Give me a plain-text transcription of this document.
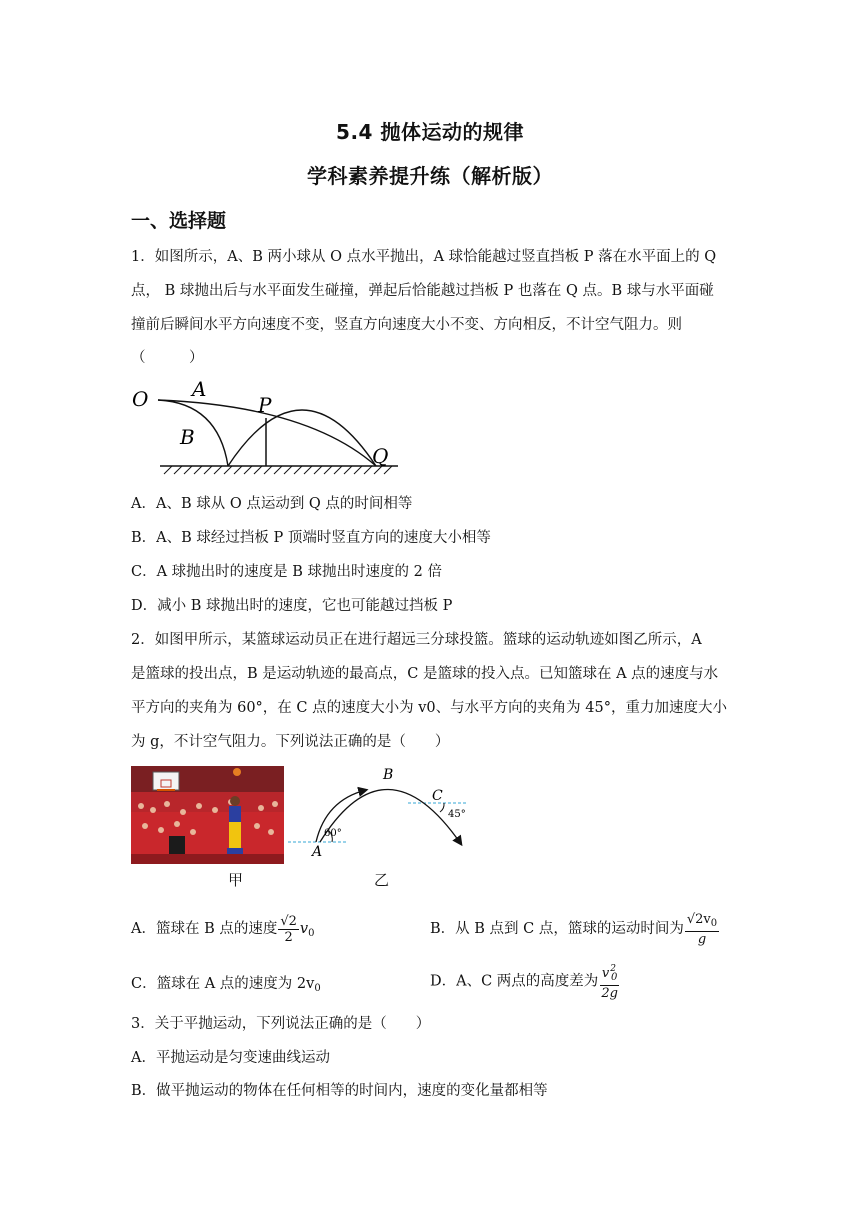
5.4 抛体运动的规律
学科素养提升练（解析版）
一、选择题
1．如图所示，A、B 两小球从 O 点水平抛出，A 球恰能越过竖直挡板 P 落在水平面上的 Q
点， B 球抛出后与水平面发生碰撞，弹起后恰能越过挡板 P 也落在 Q 点。B 球与水平面碰
撞前后瞬间水平方向速度不变，竖直方向速度大小不变、方向相反，不计空气阻力。则
（　　　）
O A
B
P
Q
A．A、B 球从 O 点运动到 Q 点的时间相等
B．A、B 球经过挡板 P 顶端时竖直方向的速度大小相等
C．A 球抛出时的速度是 B 球抛出时速度的 2 倍
D．减小 B 球抛出时的速度，它也可能越过挡板 P
2．如图甲所示，某篮球运动员正在进行超远三分球投篮。篮球的运动轨迹如图乙所示，A
是篮球的投出点，B 是运动轨迹的最高点，C 是篮球的投入点。已知篮球在 A 点的速度与水
平方向的夹角为 60°，在 C 点的速度大小为 v0、与水平方向的夹角为 45°，重力加速度大小
为 g，不计空气阻力。下列说法正确的是（　　）
A
B
C
60°
45°
甲	乙
A．篮球在 B 点的速度 $\frac{√2}{2} v_0$	B．从 B 点到 C 点，篮球的运动时间为 $\frac{√2v_0}{g}$
C．篮球在 A 点的速度为 $2v_0$	D．A、C 两点的高度差为 $\frac{v^2_0}{2g}$
3．关于平抛运动，下列说法正确的是（　　）
A．平抛运动是匀变速曲线运动
B．做平抛运动的物体在任何相等的时间内，速度的变化量都相等
